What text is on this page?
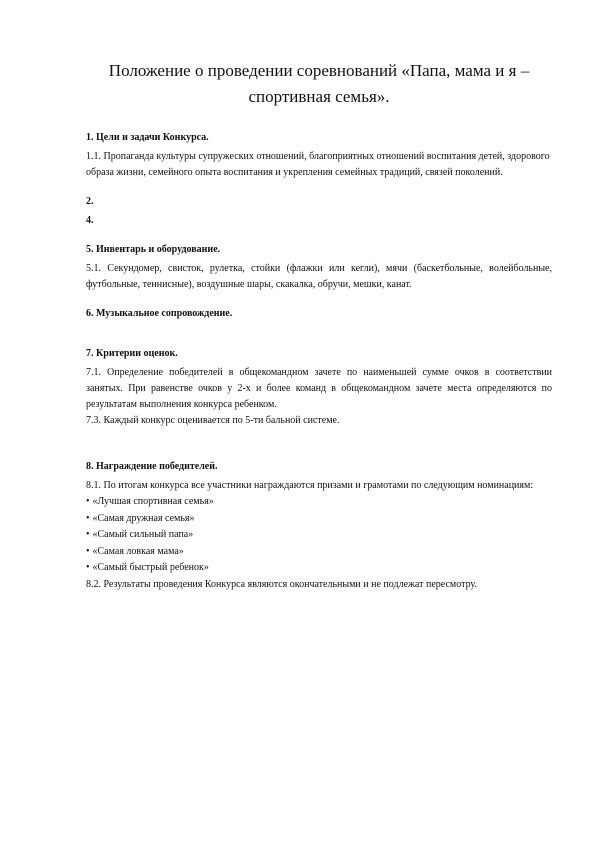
Положение о проведении соревнований «Папа, мама и я –
спортивная семья».

1. Цели и задачи Конкурса.

1.1. Пропаганда культуры супружеских отношений, благоприятных отношений воспитания детей, здорового образа жизни, семейного опыта воспитания и укрепления семейных традиций, связей поколений.

2.

4.

5. Инвентарь и оборудование.

5.1. Секундомер, свисток, рулетка, стойки (флажки или кегли), мячи (баскетбольные, волейбольные, футбольные, теннисные), воздушные шары, скакалка, обручи, мешки, канат.

6. Музыкальное сопровождение.

7. Критерии оценок.

7.1. Определение победителей в общекомандном зачете по наименьшей сумме очков в соответствии занятых. При равенстве очков у 2-х и более команд в общекомандном зачете места определяются по результатам выполнения конкурса ребенком.

7.3. Каждый конкурс оценивается по 5-ти бальной системе.

8. Награждение победителей.

8.1. По итогам конкурса все участники награждаются призами и грамотами по следующим номинациям:

• «Лучшая спортивная семья»
• «Самая дружная семья»
• «Самый сильный папа»
• «Самая ловкая мама»
• «Самый быстрый ребенок»

8.2. Результаты проведения Конкурса являются окончательными и не подлежат пересмотру.
